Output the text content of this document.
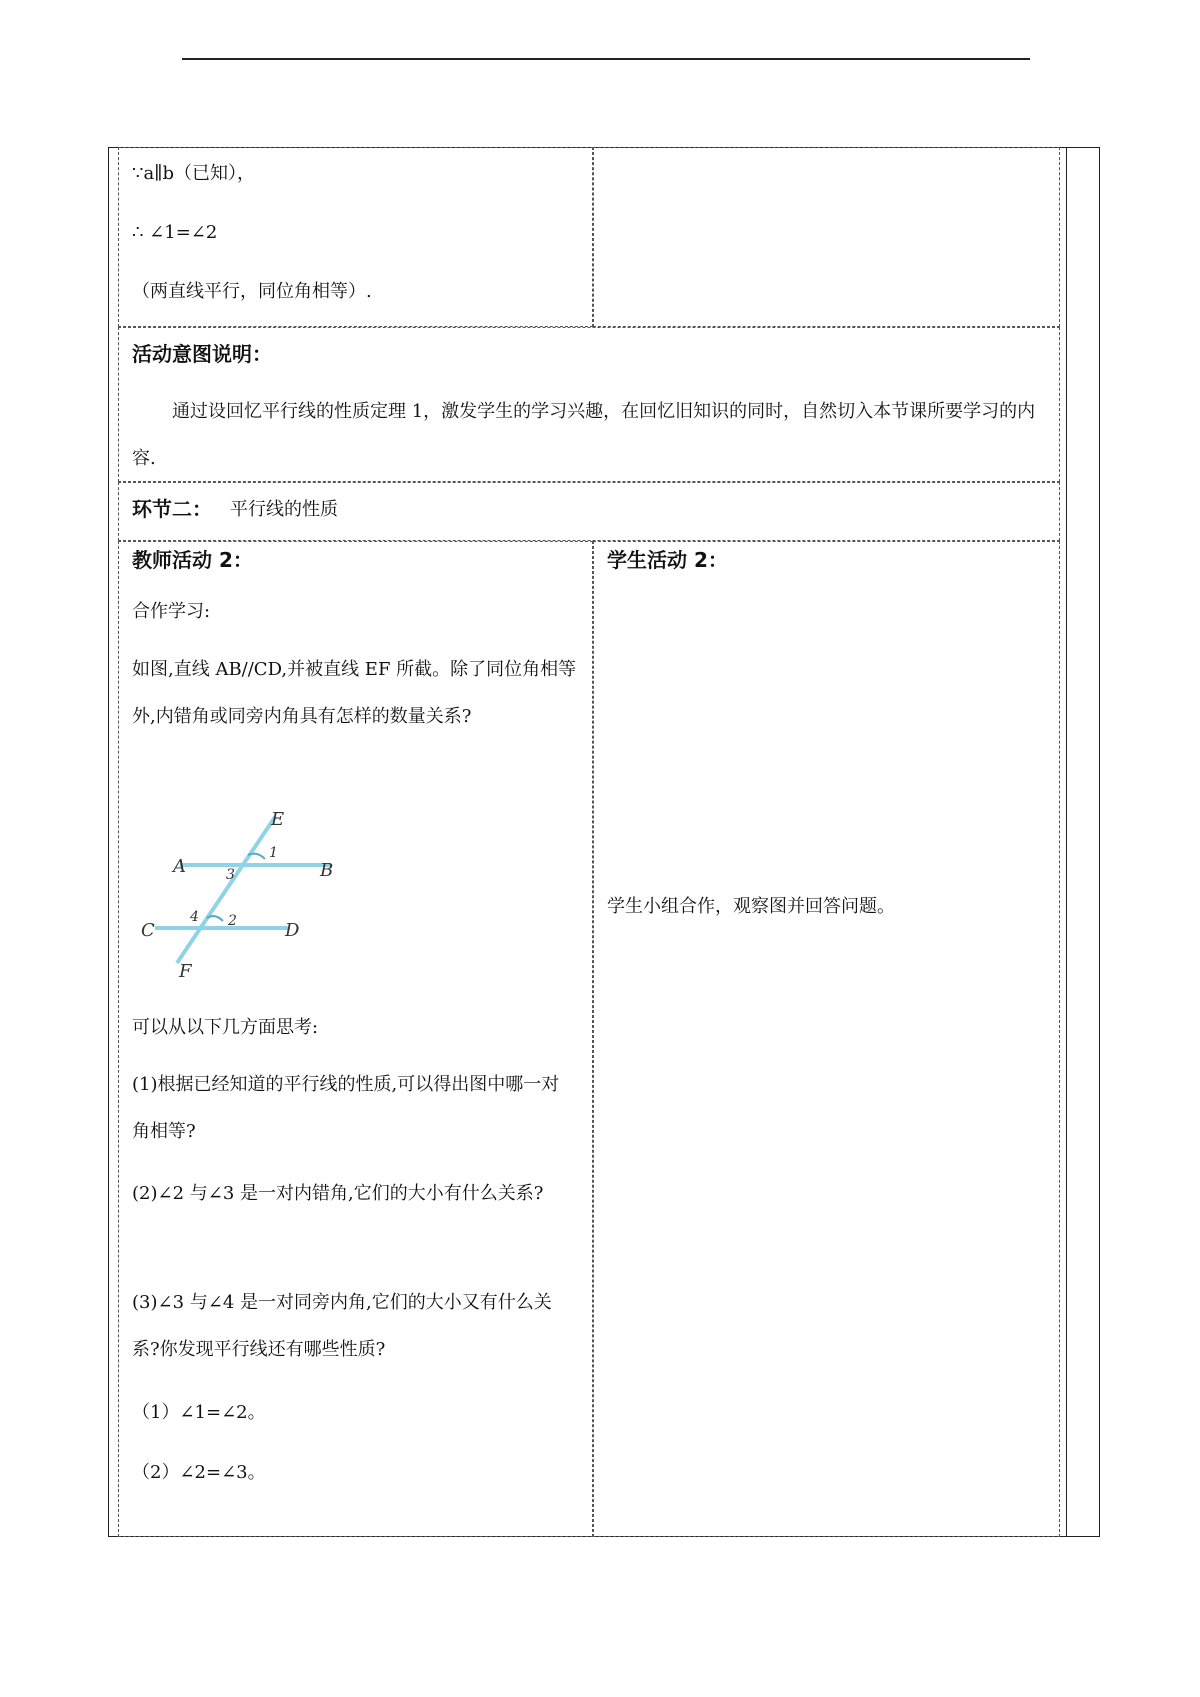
∵a∥b（已知），
∴ ∠1=∠2
（两直线平行，同位角相等）.
活动意图说明：
通过设回忆平行线的性质定理 1，激发学生的学习兴趣，在回忆旧知识的同时，自然切入本节课所要学习的内容.
环节二： 平行线的性质
教师活动 2：
合作学习:
如图,直线 AB//CD,并被直线 EF 所截。除了同位角相等外,内错角或同旁内角具有怎样的数量关系?
E
A	B
C	D
F
1
3
4 2
可以从以下几方面思考:
(1)根据已经知道的平行线的性质,可以得出图中哪一对角相等?
(2)∠2 与∠3 是一对内错角,它们的大小有什么关系?
(3)∠3 与∠4 是一对同旁内角,它们的大小又有什么关系?你发现平行线还有哪些性质?
（1）∠1=∠2。
（2）∠2=∠3。
学生活动 2：
学生小组合作，观察图并回答问题。
